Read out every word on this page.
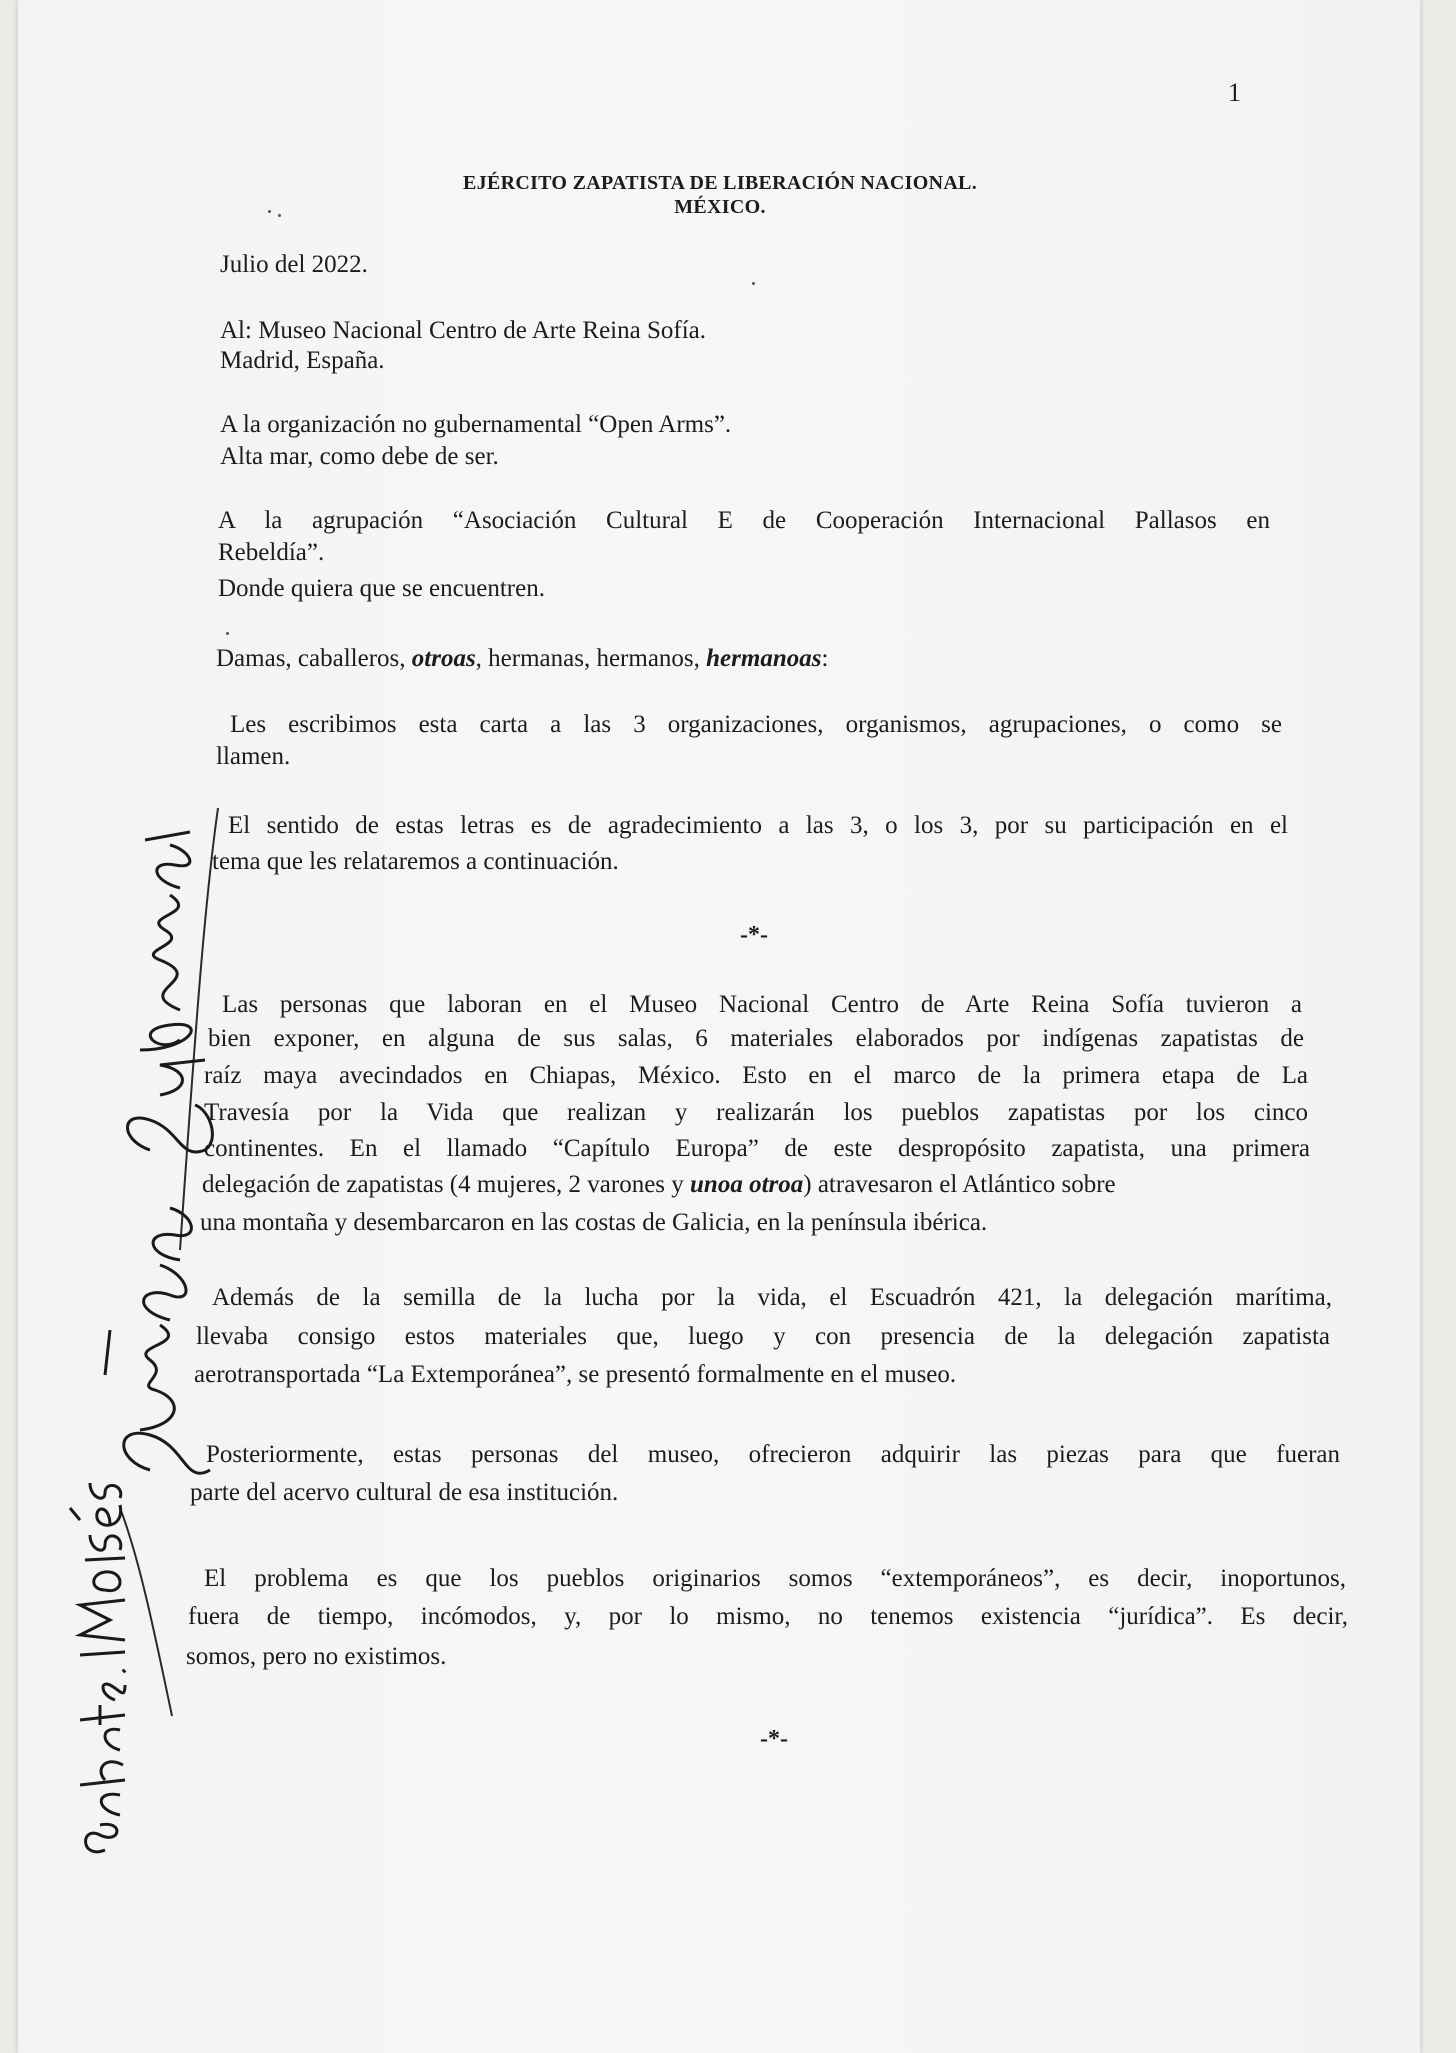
1
EJÉRCITO ZAPATISTA DE LIBERACIÓN NACIONAL.
MÉXICO.
Julio del 2022.
Al: Museo Nacional Centro de Arte Reina Sofía.
Madrid, España.
A la organización no gubernamental “Open Arms”.
Alta mar, como debe de ser.
A la agrupación “Asociación Cultural E de Cooperación Internacional Pallasos en
Rebeldía”.
Donde quiera que se encuentren.
Damas, caballeros, otroas, hermanas, hermanos, hermanoas:
Les escribimos esta carta a las 3 organizaciones, organismos, agrupaciones, o como se
llamen.
El sentido de estas letras es de agradecimiento a las 3, o los 3, por su participación en el
tema que les relataremos a continuación.
-*-
Las personas que laboran en el Museo Nacional Centro de Arte Reina Sofía tuvieron a
bien exponer, en alguna de sus salas, 6 materiales elaborados por indígenas zapatistas de
raíz maya avecindados en Chiapas, México. Esto en el marco de la primera etapa de La
Travesía por la Vida que realizan y realizarán los pueblos zapatistas por los cinco
continentes. En el llamado “Capítulo Europa” de este despropósito zapatista, una primera
delegación de zapatistas (4 mujeres, 2 varones y unoa otroa) atravesaron el Atlántico sobre
una montaña y desembarcaron en las costas de Galicia, en la península ibérica.
Además de la semilla de la lucha por la vida, el Escuadrón 421, la delegación marítima,
llevaba consigo estos materiales que, luego y con presencia de la delegación zapatista
aerotransportada “La Extemporánea”, se presentó formalmente en el museo.
Posteriormente, estas personas del museo, ofrecieron adquirir las piezas para que fueran
parte del acervo cultural de esa institución.
El problema es que los pueblos originarios somos “extemporáneos”, es decir, inoportunos,
fuera de tiempo, incómodos, y, por lo mismo, no tenemos existencia “jurídica”. Es decir,
somos, pero no existimos.
-*-
